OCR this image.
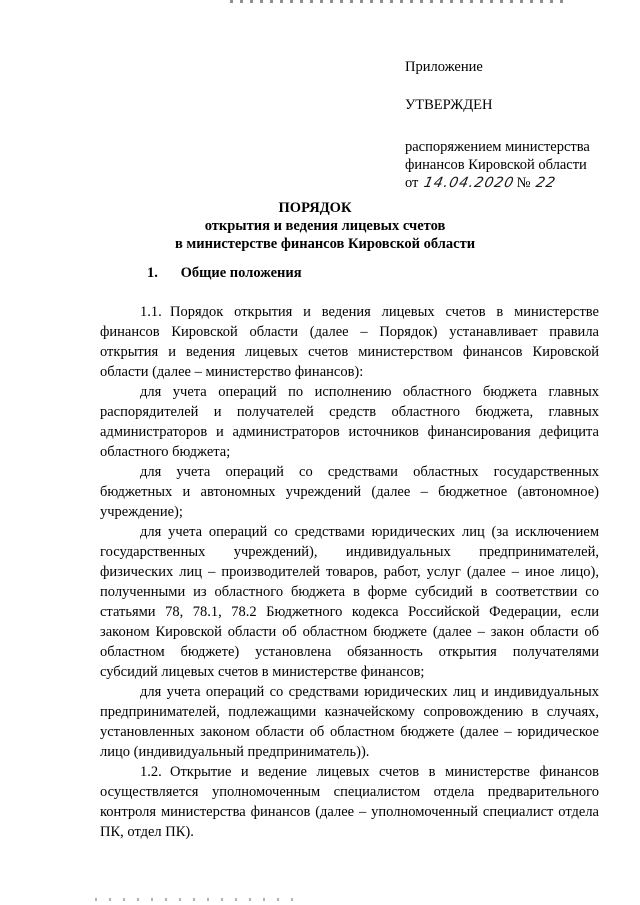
Приложение
УТВЕРЖДЕН
распоряжением министерства
финансов Кировской области
от 14.04.2020№ 22
ПОРЯДОК
открытия и ведения лицевых счетов
в министерстве финансов Кировской области
1. Общие положения

1.1. Порядок открытия и ведения лицевых счетов в министерстве финансов Кировской области (далее – Порядок) устанавливает правила открытия и ведения лицевых счетов министерством финансов Кировской области (далее – министерство финансов):

для учета операций по исполнению областного бюджета главных распорядителей и получателей средств областного бюджета, главных администраторов и администраторов источников финансирования дефицита областного бюджета;

для учета операций со средствами областных государственных бюджетных и автономных учреждений (далее – бюджетное (автономное) учреждение);

для учета операций со средствами юридических лиц (за исключением государственных учреждений), индивидуальных предпринимателей, физических лиц – производителей товаров, работ, услуг (далее – иное лицо), полученными из областного бюджета в форме субсидий в соответствии со статьями 78, 78.1, 78.2 Бюджетного кодекса Российской Федерации, если законом Кировской области об областном бюджете (далее – закон области об областном бюджете) установлена обязанность открытия получателями субсидий лицевых счетов в министерстве финансов;

для учета операций со средствами юридических лиц и индивидуальных предпринимателей, подлежащими казначейскому сопровождению в случаях, установленных законом области об областном бюджете (далее – юридическое лицо (индивидуальный предприниматель)).

1.2. Открытие и ведение лицевых счетов в министерстве финансов осуществляется уполномоченным специалистом отдела предварительного контроля министерства финансов (далее – уполномоченный специалист отдела ПК, отдел ПК).
